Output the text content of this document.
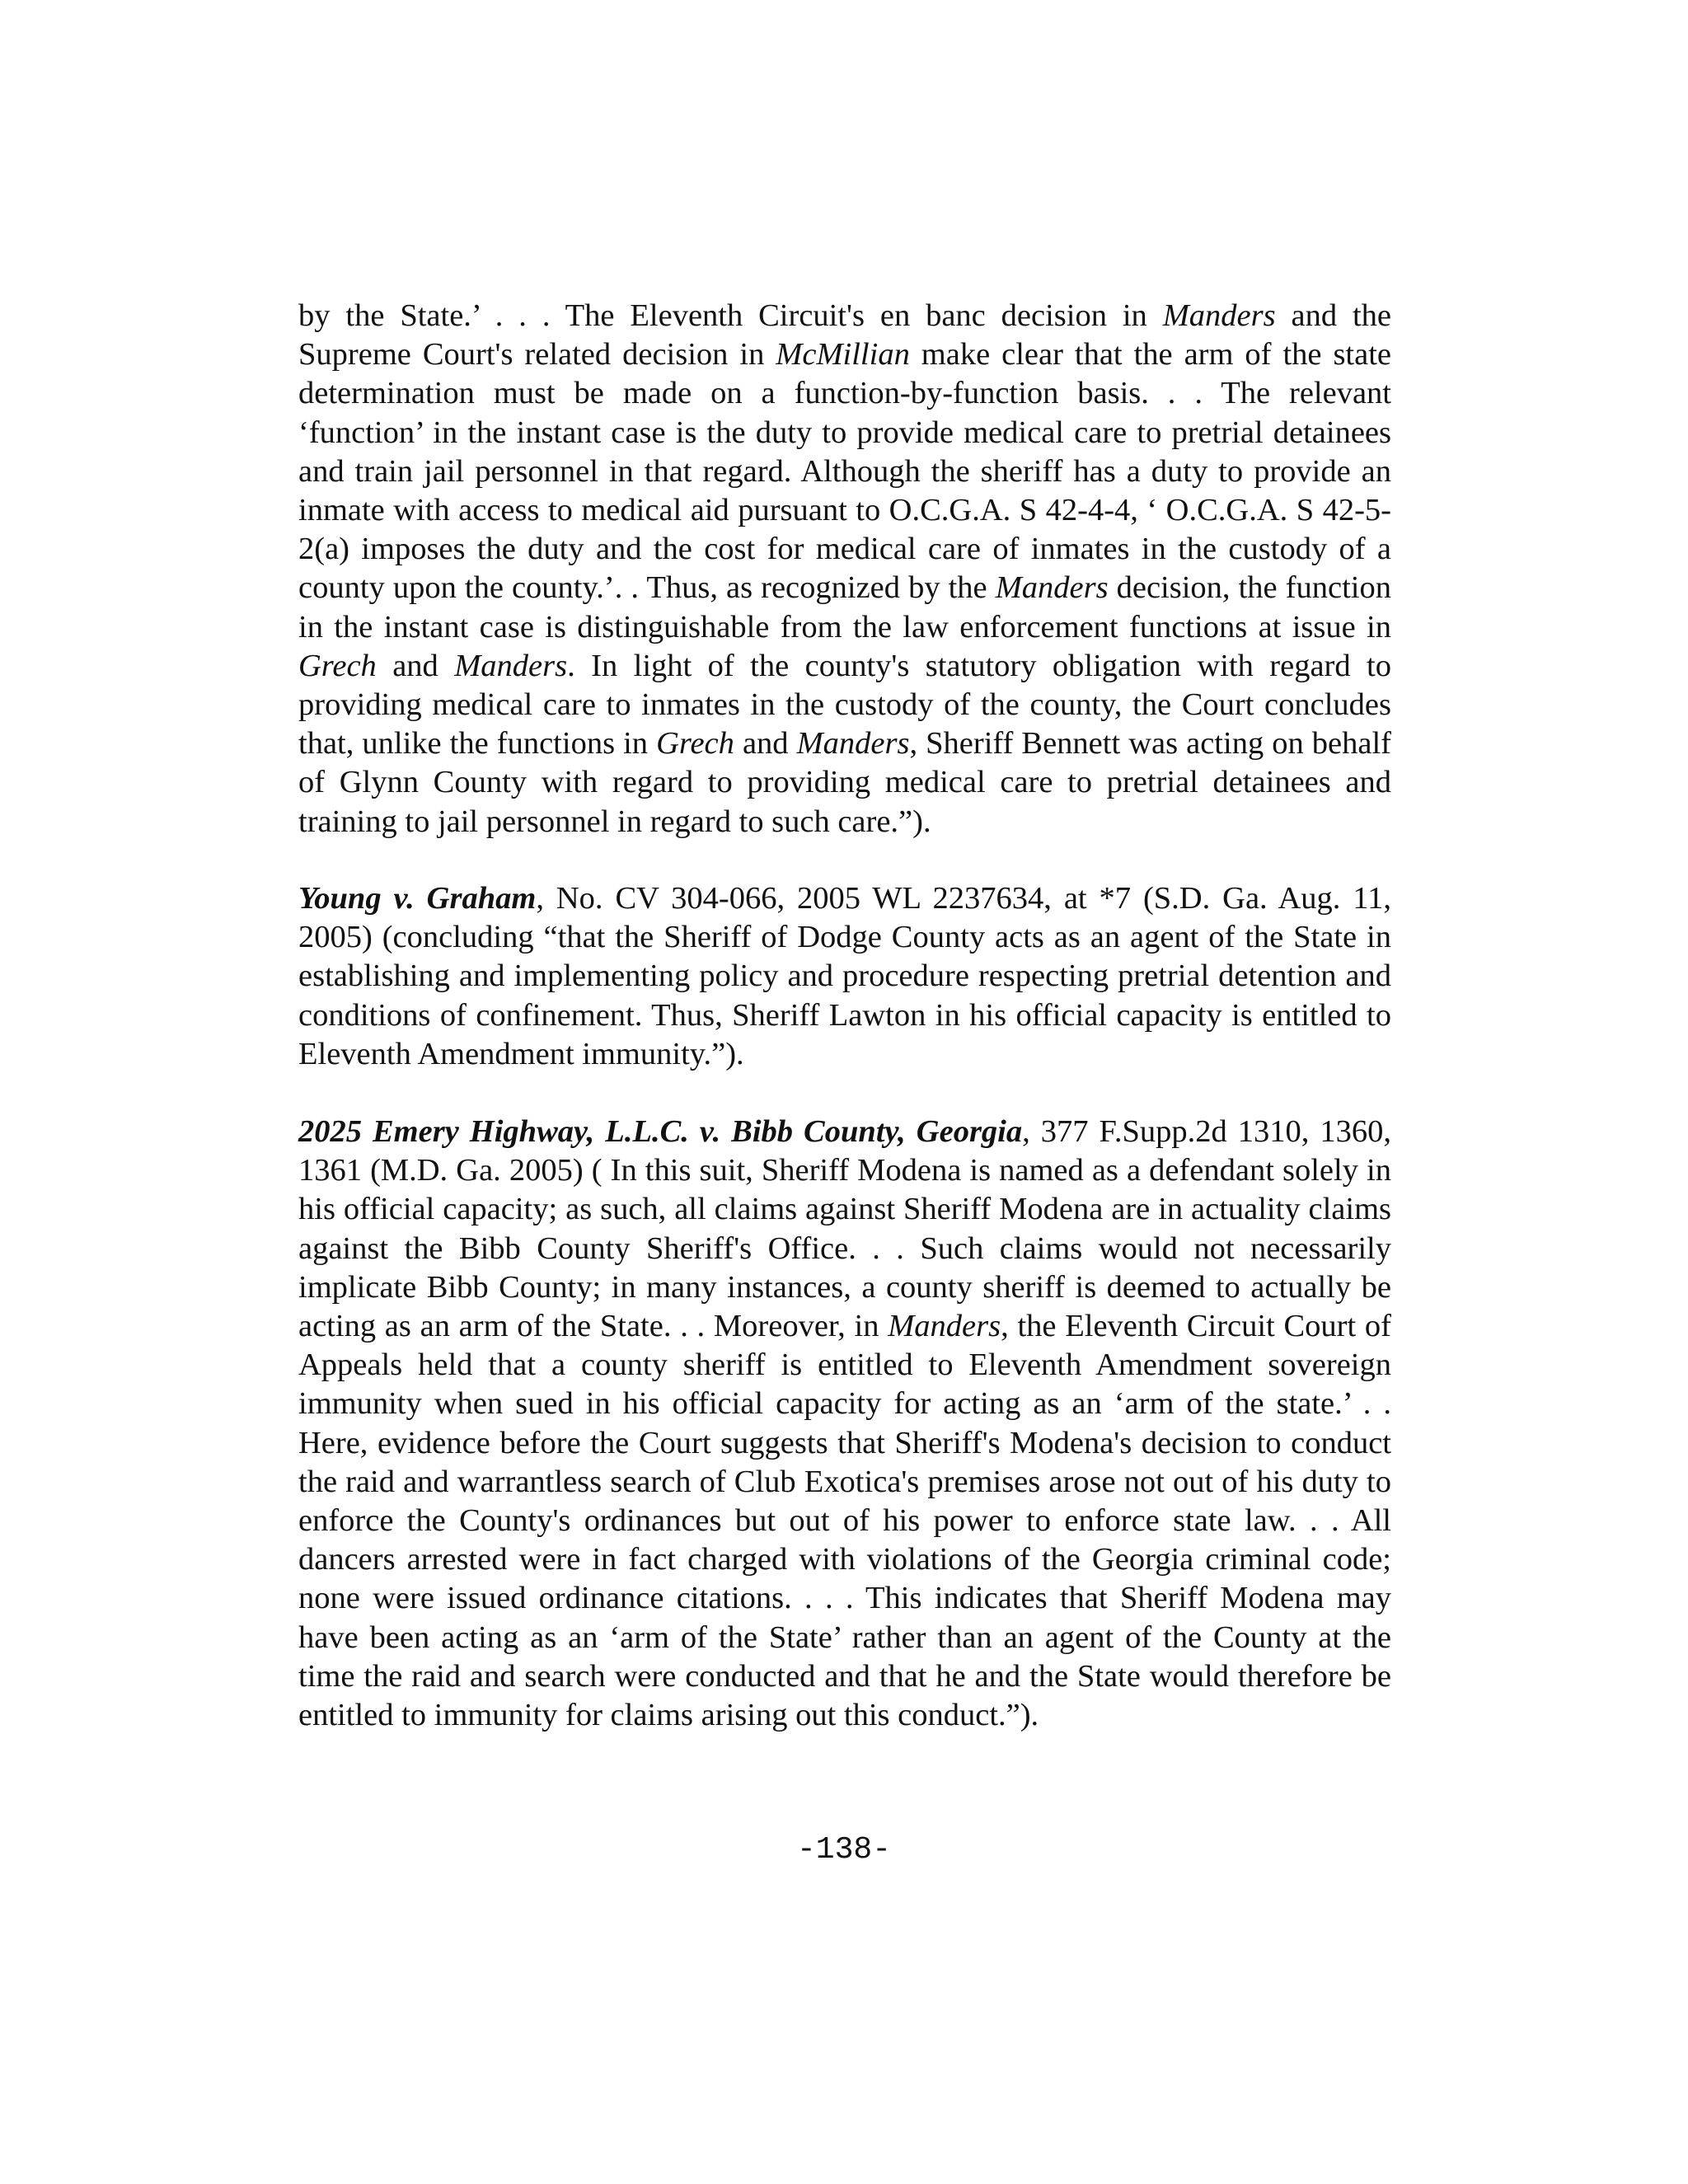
by the State.’ . . . The Eleventh Circuit's en banc decision in Manders and the Supreme Court's related decision in McMillian make clear that the arm of the state determination must be made on a function-by-function basis. . . The relevant ‘function’ in the instant case is the duty to provide medical care to pretrial detainees and train jail personnel in that regard. Although the sheriff has a duty to provide an inmate with access to medical aid pursuant to O.C.G.A. S 42-4-4, ‘ O.C.G.A. S 42-5-2(a) imposes the duty and the cost for medical care of inmates in the custody of a county upon the county.’. . Thus, as recognized by the Manders decision, the function in the instant case is distinguishable from the law enforcement functions at issue in Grech and Manders. In light of the county's statutory obligation with regard to providing medical care to inmates in the custody of the county, the Court concludes that, unlike the functions in Grech and Manders, Sheriff Bennett was acting on behalf of Glynn County with regard to providing medical care to pretrial detainees and training to jail personnel in regard to such care.”).

Young v. Graham, No. CV 304-066, 2005 WL 2237634, at *7 (S.D. Ga. Aug. 11, 2005) (concluding “that the Sheriff of Dodge County acts as an agent of the State in establishing and implementing policy and procedure respecting pretrial detention and conditions of confinement. Thus, Sheriff Lawton in his official capacity is entitled to Eleventh Amendment immunity.”).

2025 Emery Highway, L.L.C. v. Bibb County, Georgia, 377 F.Supp.2d 1310, 1360, 1361 (M.D. Ga. 2005) ( In this suit, Sheriff Modena is named as a defendant solely in his official capacity; as such, all claims against Sheriff Modena are in actuality claims against the Bibb County Sheriff's Office. . . Such claims would not necessarily implicate Bibb County; in many instances, a county sheriff is deemed to actually be acting as an arm of the State. . . Moreover, in Manders, the Eleventh Circuit Court of Appeals held that a county sheriff is entitled to Eleventh Amendment sovereign immunity when sued in his official capacity for acting as an ‘arm of the state.’ . . Here, evidence before the Court suggests that Sheriff's Modena's decision to conduct the raid and warrantless search of Club Exotica's premises arose not out of his duty to enforce the County's ordinances but out of his power to enforce state law. . . All dancers arrested were in fact charged with violations of the Georgia criminal code; none were issued ordinance citations. . . . This indicates that Sheriff Modena may have been acting as an ‘arm of the State’ rather than an agent of the County at the time the raid and search were conducted and that he and the State would therefore be entitled to immunity for claims arising out this conduct.”).

-138-
